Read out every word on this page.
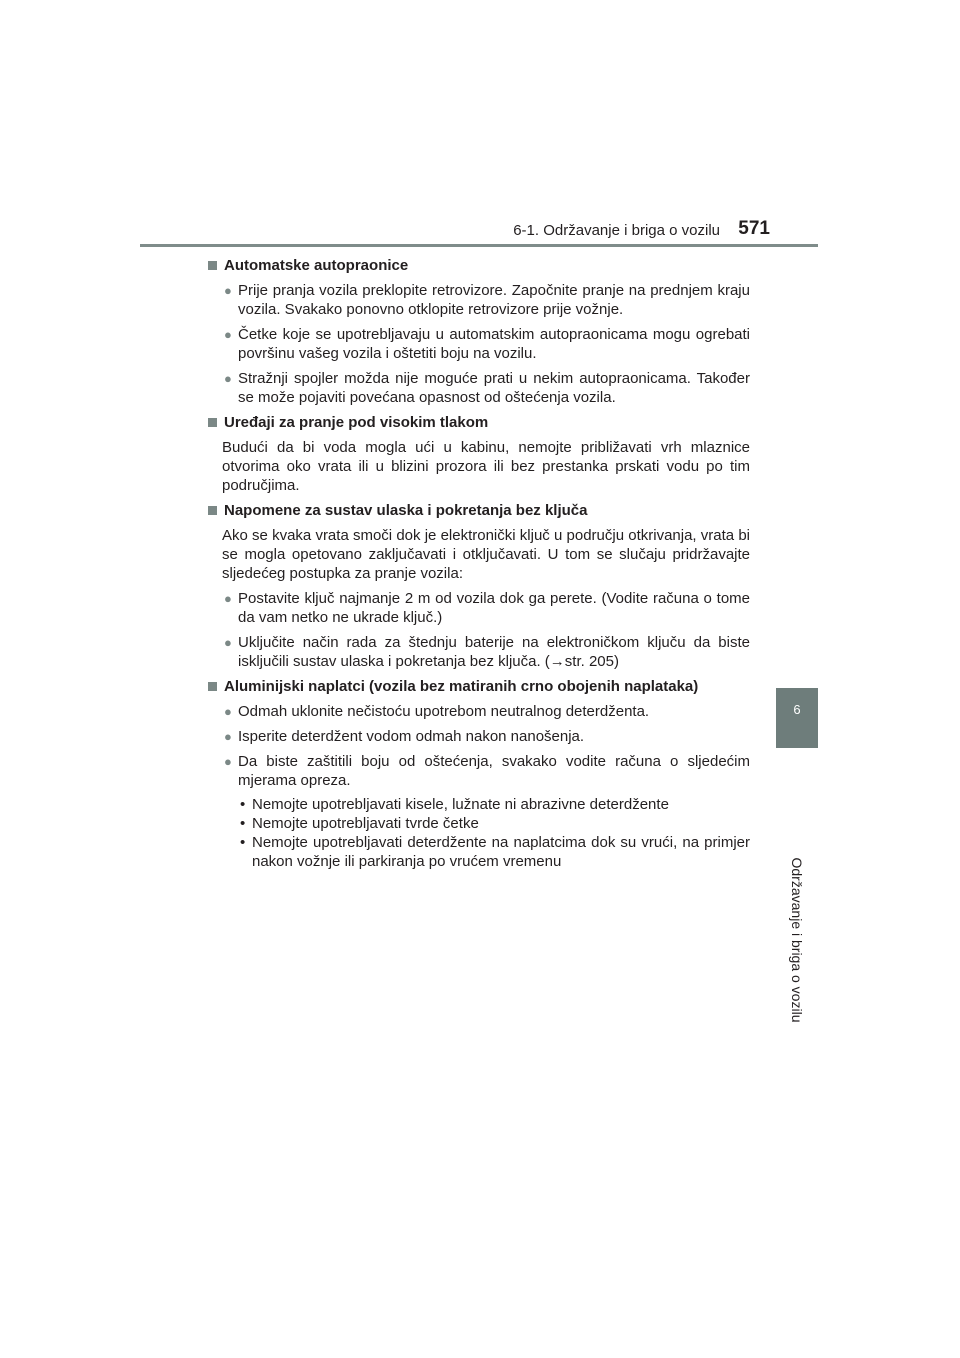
6-1. Održavanje i briga o vozilu 571
6
Održavanje i briga o vozilu
Automatske autopraonice
● Prije pranja vozila preklopite retrovizore. Započnite pranje na prednjem kraju vozila. Svakako ponovno otklopite retrovizore prije vožnje.
● Četke koje se upotrebljavaju u automatskim autopraonicama mogu ogrebati površinu vašeg vozila i oštetiti boju na vozilu.
● Stražnji spojler možda nije moguće prati u nekim autopraonicama. Također se može pojaviti povećana opasnost od oštećenja vozila.
Uređaji za pranje pod visokim tlakom
Budući da bi voda mogla ući u kabinu, nemojte približavati vrh mlaznice otvorima oko vrata ili u blizini prozora ili bez prestanka prskati vodu po tim područjima.
Napomene za sustav ulaska i pokretanja bez ključa
Ako se kvaka vrata smoči dok je elektronički ključ u području otkrivanja, vrata bi se mogla opetovano zaključavati i otključavati. U tom se slučaju pridržavajte sljedećeg postupka za pranje vozila:
● Postavite ključ najmanje 2 m od vozila dok ga perete. (Vodite računa o tome da vam netko ne ukrade ključ.)
● Uključite način rada za štednju baterije na elektroničkom ključu da biste isključili sustav ulaska i pokretanja bez ključa. (→str. 205)
Aluminijski naplatci (vozila bez matiranih crno obojenih naplataka)
● Odmah uklonite nečistoću upotrebom neutralnog deterdženta.
● Isperite deterdžent vodom odmah nakon nanošenja.
● Da biste zaštitili boju od oštećenja, svakako vodite računa o sljedećim mjerama opreza.
• Nemojte upotrebljavati kisele, lužnate ni abrazivne deterdžente
• Nemojte upotrebljavati tvrde četke
• Nemojte upotrebljavati deterdžente na naplatcima dok su vrući, na primjer nakon vožnje ili parkiranja po vrućem vremenu
